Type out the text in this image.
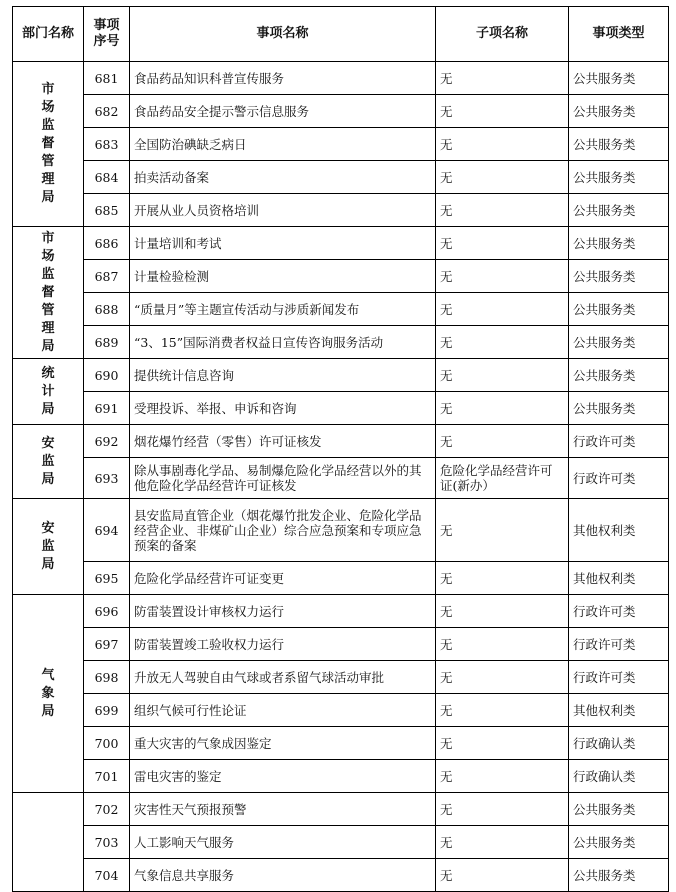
部门名称	事项序号	事项名称	子项名称	事项类型
市场监督管理局	681	食品药品知识科普宣传服务	无	公共服务类
	682	食品药品安全提示警示信息服务	无	公共服务类
	683	全国防治碘缺乏病日	无	公共服务类
	684	拍卖活动备案	无	公共服务类
	685	开展从业人员资格培训	无	公共服务类
市场监督管理局	686	计量培训和考试	无	公共服务类
	687	计量检验检测	无	公共服务类
	688	“质量月”等主题宣传活动与涉质新闻发布	无	公共服务类
	689	“3、15”国际消费者权益日宣传咨询服务活动	无	公共服务类
统计局	690	提供统计信息咨询	无	公共服务类
	691	受理投诉、举报、申诉和咨询	无	公共服务类
安监局	692	烟花爆竹经营（零售）许可证核发	无	行政许可类
	693	除从事剧毒化学品、易制爆危险化学品经营以外的其他危险化学品经营许可证核发	危险化学品经营许可证(新办）	行政许可类
安监局	694	县安监局直管企业（烟花爆竹批发企业、危险化学品经营企业、非煤矿山企业）综合应急预案和专项应急预案的备案	无	其他权利类
	695	危险化学品经营许可证变更	无	其他权利类
气象局	696	防雷装置设计审核权力运行	无	行政许可类
	697	防雷装置竣工验收权力运行	无	行政许可类
	698	升放无人驾驶自由气球或者系留气球活动审批	无	行政许可类
	699	组织气候可行性论证	无	其他权利类
	700	重大灾害的气象成因鉴定	无	行政确认类
	701	雷电灾害的鉴定	无	行政确认类
	702	灾害性天气预报预警	无	公共服务类
	703	人工影响天气服务	无	公共服务类
	704	气象信息共享服务	无	公共服务类
